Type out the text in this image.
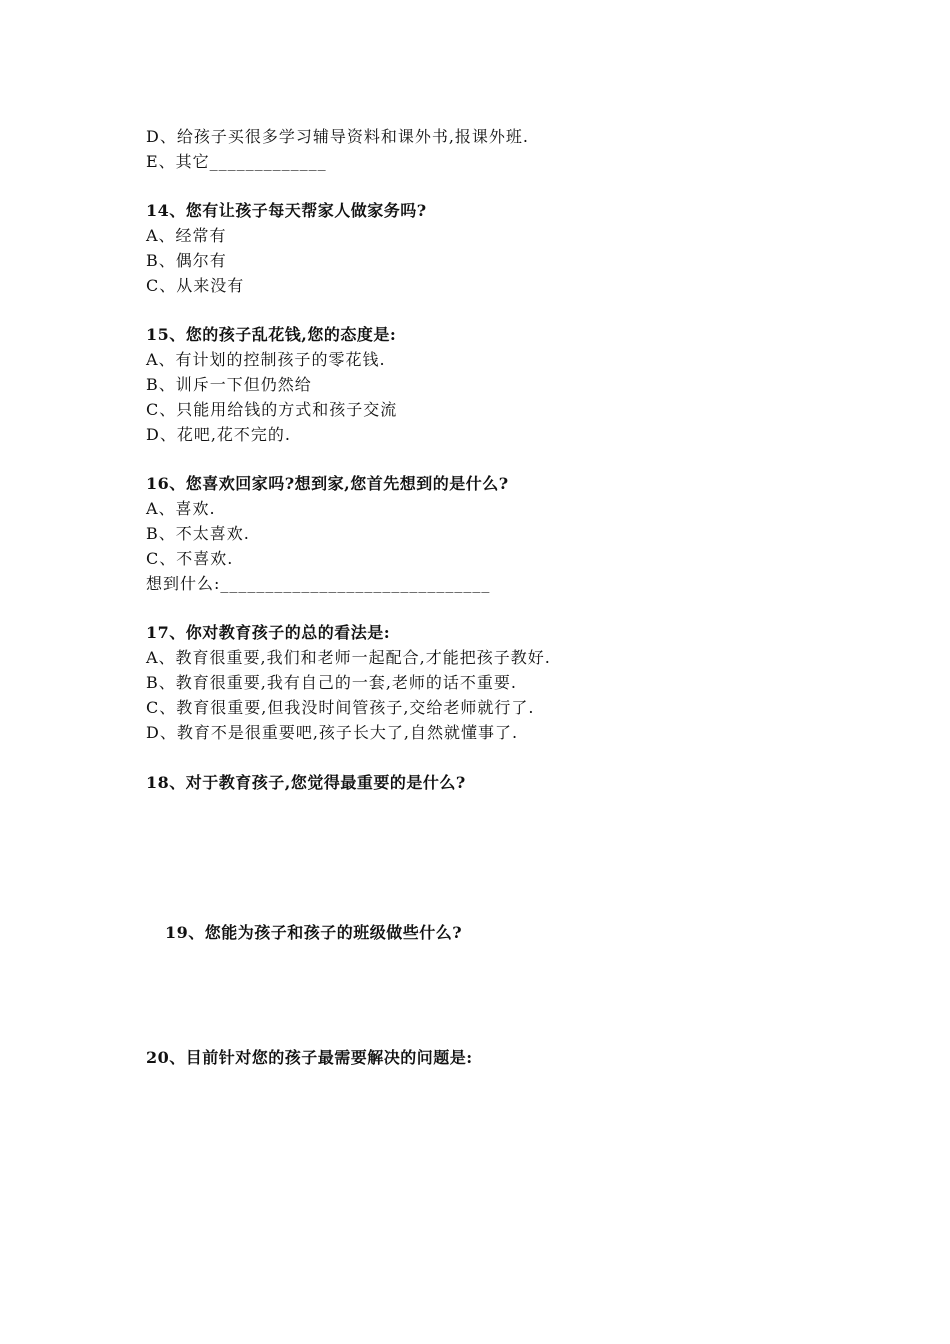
D、给孩子买很多学习辅导资料和课外书,报课外班.
E、其它_____________
14、您有让孩子每天帮家人做家务吗?
A、经常有
B、偶尔有
C、从来没有
15、您的孩子乱花钱,您的态度是:
A、有计划的控制孩子的零花钱.
B、训斥一下但仍然给
C、只能用给钱的方式和孩子交流
D、花吧,花不完的.
16、您喜欢回家吗?想到家,您首先想到的是什么?
A、喜欢.
B、不太喜欢.
C、不喜欢.
想到什么:______________________________
17、你对教育孩子的总的看法是:
A、教育很重要,我们和老师一起配合,才能把孩子教好.
B、教育很重要,我有自己的一套,老师的话不重要.
C、教育很重要,但我没时间管孩子,交给老师就行了.
D、教育不是很重要吧,孩子长大了,自然就懂事了.
18、对于教育孩子,您觉得最重要的是什么?
19、您能为孩子和孩子的班级做些什么?
20、目前针对您的孩子最需要解决的问题是:
